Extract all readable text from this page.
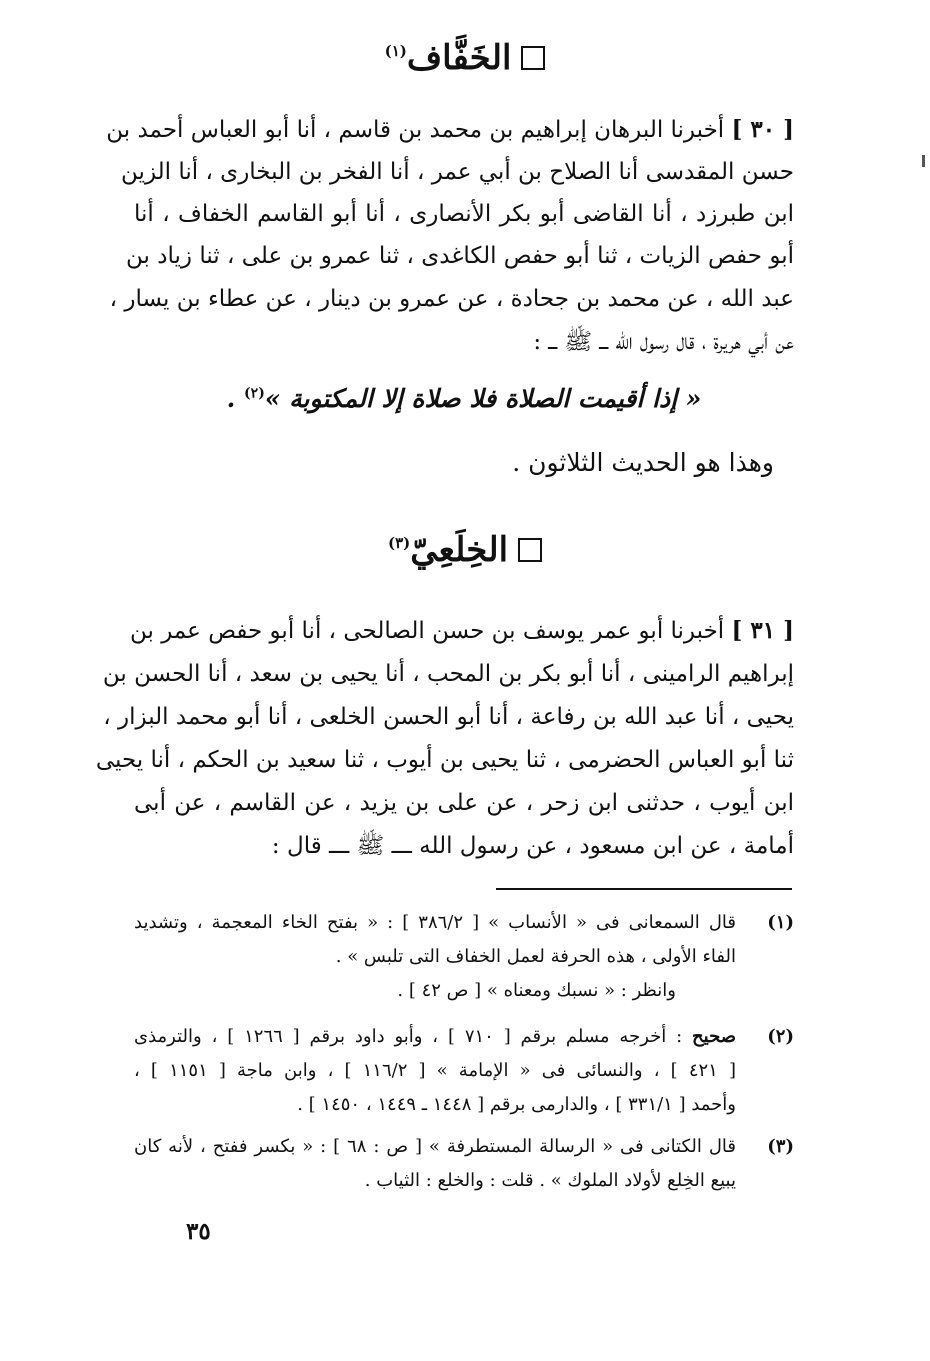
الخَفَّاف$^{(١)}$
[ ٣٠ ] أخبرنا البرهان إبراهيم بن محمد بن قاسم ، أنا أبو العباس أحمد بن
حسن المقدسى أنا الصلاح بن أبي عمر ، أنا الفخر بن البخارى ، أنا الزين
ابن طبرزد ، أنا القاضى أبو بكر الأنصارى ، أنا أبو القاسم الخفاف ، أنا
أبو حفص الزيات ، ثنا أبو حفص الكاغدى ، ثنا عمرو بن على ، ثنا زياد بن
عبد الله ، عن محمد بن جحادة ، عن عمرو بن دينار ، عن عطاء بن يسار ،
عن أبي هريرة ، قال رسول الله ـــ ﷺ ـــ :
« إذا أقيمت الصلاة فلا صلاة إلا المكتوبة »$^{(٢)}$ .
وهذا هو الحديث الثلاثون .
الخِلَعِيّ$^{(٣)}$
[ ٣١ ] أخبرنا أبو عمر يوسف بن حسن الصالحى ، أنا أبو حفص عمر بن
إبراهيم الرامينى ، أنا أبو بكر بن المحب ، أنا يحيى بن سعد ، أنا الحسن بن
يحيى ، أنا عبد الله بن رفاعة ، أنا أبو الحسن الخلعى ، أنا أبو محمد البزار ،
ثنا أبو العباس الحضرمى ، ثنا يحيى بن أيوب ، ثنا سعيد بن الحكم ، أنا يحيى
ابن أيوب ، حدثنى ابن زحر ، عن على بن يزيد ، عن القاسم ، عن أبى
أمامة ، عن ابن مسعود ، عن رسول الله ـــ ﷺ ـــ قال :
(١)
قال السمعانى فى « الأنساب » [ ٣٨٦/٢ ] : « بفتح الخاء المعجمة ، وتشديد
الفاء الأولى ، هذه الحرفة لعمل الخفاف التى تلبس » .
وانظر : « نسبك ومعناه » [ ص ٤٢ ] .
(٢)
صحيح : أخرجه مسلم برقم [ ٧١٠ ] ، وأبو داود برقم [ ١٢٦٦ ] ، والترمذى
[ ٤٢١ ] ، والنسائى فى « الإمامة » [ ١١٦/٢ ] ، وابن ماجة [ ١١٥١ ] ،
وأحمد [ ٣٣١/١ ] ، والدارمى برقم [ ١٤٤٨ ـ ١٤٤٩ ، ١٤٥٠ ] .
(٣)
قال الكتانى فى « الرسالة المستطرفة » [ ص : ٦٨ ] : « بكسر ففتح ، لأنه كان
يبيع الخِلع لأولاد الملوك » . قلت : والخلع : الثياب .
٣٥
